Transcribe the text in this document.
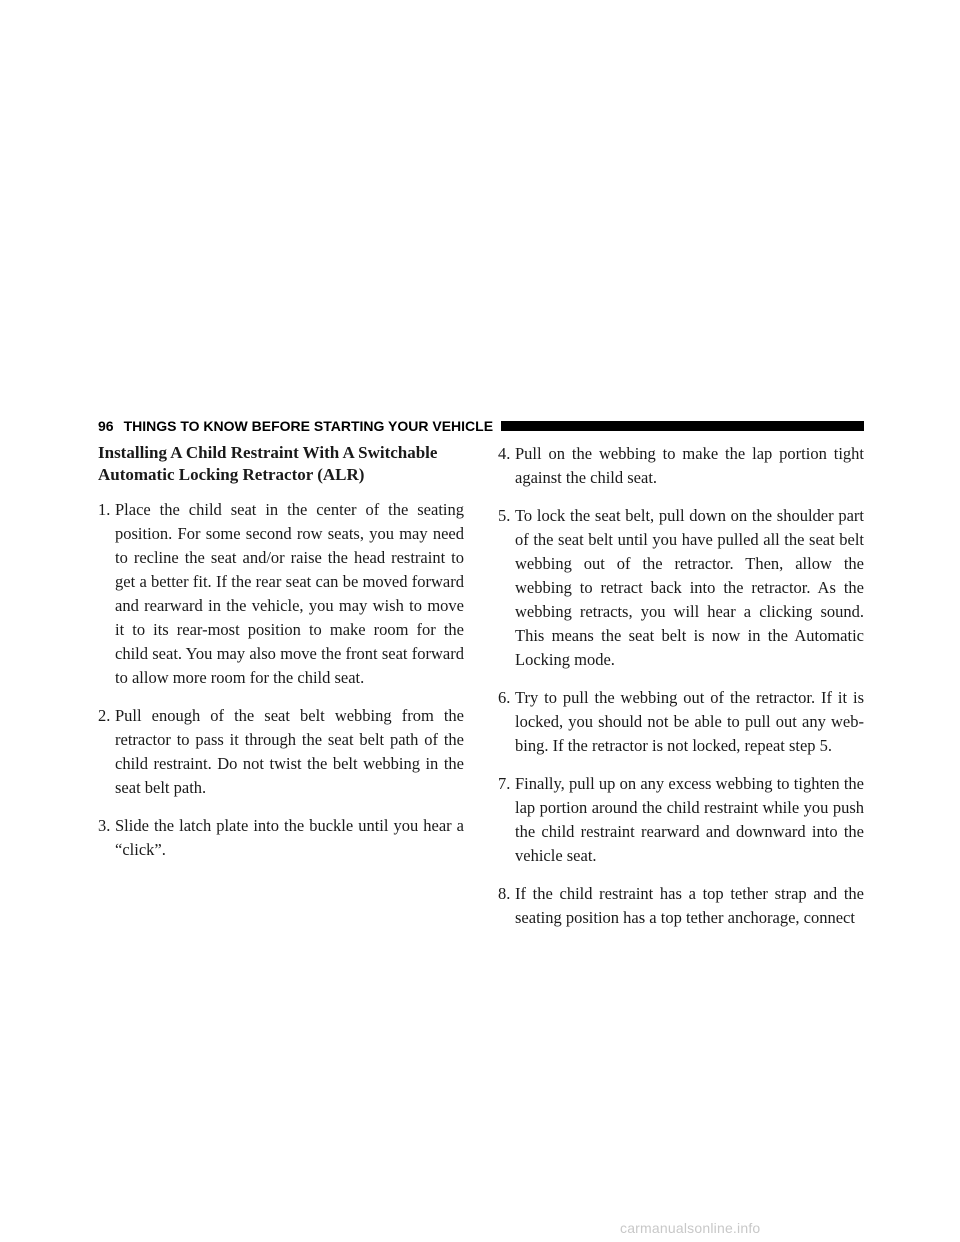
96 THINGS TO KNOW BEFORE STARTING YOUR VEHICLE
Installing A Child Restraint With A Switchable
Automatic Locking Retractor (ALR)
1. Place the child seat in the center of the seating position. For some second row seats, you may need to recline the seat and/or raise the head restraint to get a better fit. If the rear seat can be moved forward and rearward in the vehicle, you may wish to move it to its rear-most position to make room for the child seat. You may also move the front seat forward to allow more room for the child seat.
2. Pull enough of the seat belt webbing from the retractor to pass it through the seat belt path of the child restraint. Do not twist the belt webbing in the seat belt path.
3. Slide the latch plate into the buckle until you hear a “click”.
4. Pull on the webbing to make the lap portion tight against the child seat.
5. To lock the seat belt, pull down on the shoulder part of the seat belt until you have pulled all the seat belt webbing out of the retractor. Then, allow the webbing to retract back into the retractor. As the webbing retracts, you will hear a clicking sound. This means the seat belt is now in the Automatic Locking mode.
6. Try to pull the webbing out of the retractor. If it is locked, you should not be able to pull out any web-bing. If the retractor is not locked, repeat step 5.
7. Finally, pull up on any excess webbing to tighten the lap portion around the child restraint while you push the child restraint rearward and downward into the vehicle seat.
8. If the child restraint has a top tether strap and the seating position has a top tether anchorage, connect
carmanualsonline.info
